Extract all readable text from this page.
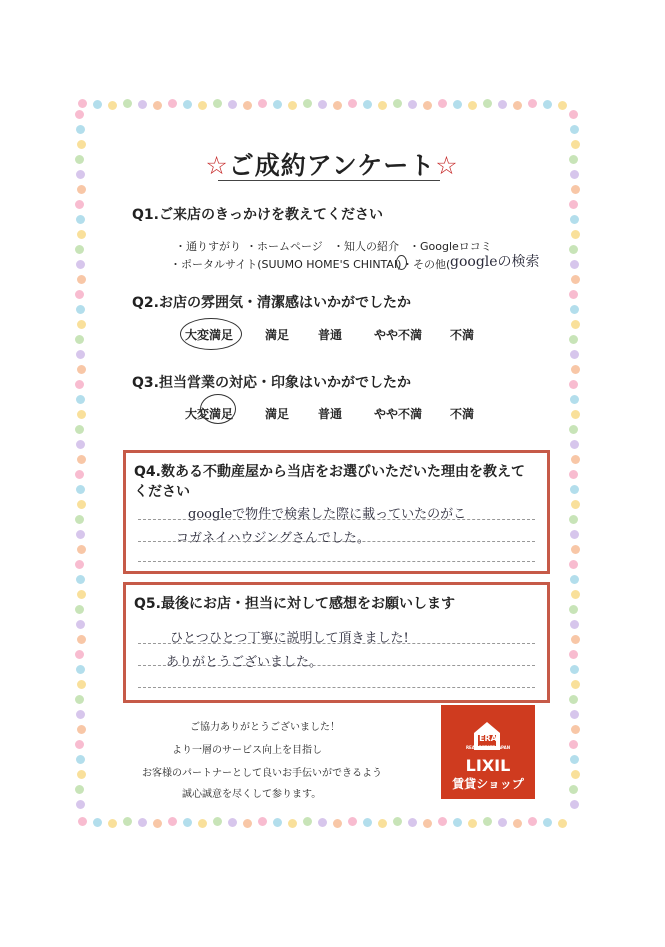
☆ご成約アンケート☆
Q1.ご来店のきっかけを教えてください
・通りすがり ・ホームページ ・知人の紹介 ・Googleロコミ
・ポータルサイト(SUUMO HOME'S CHINTAI) ・その他( googleの検索
Q2.お店の雰囲気・清潔感はいかがでしたか
大変満足	満足 普通	やや不満 不満
Q3.担当営業の対応・印象はいかがでしたか
大変満足	満足 普通	やや不満 不満
Q4.数ある不動産屋から当店をお選びいただいた理由を教えて
ください
googleで物件で検索した際に載っていたのがこ
コガネイハウジングさんでした。
Q5.最後にお店・担当に対して感想をお願いします
ひとつひとつ丁寧に説明して頂きました!
ありがとうございました。
ご協力ありがとうございました！
より一層のサービス向上を目指し
お客様のパートナーとして良いお手伝いができるよう
誠心誠意を尽くして参ります。
ERA
REAL ESTATE JAPAN
LIXIL
賃貸ショップ
